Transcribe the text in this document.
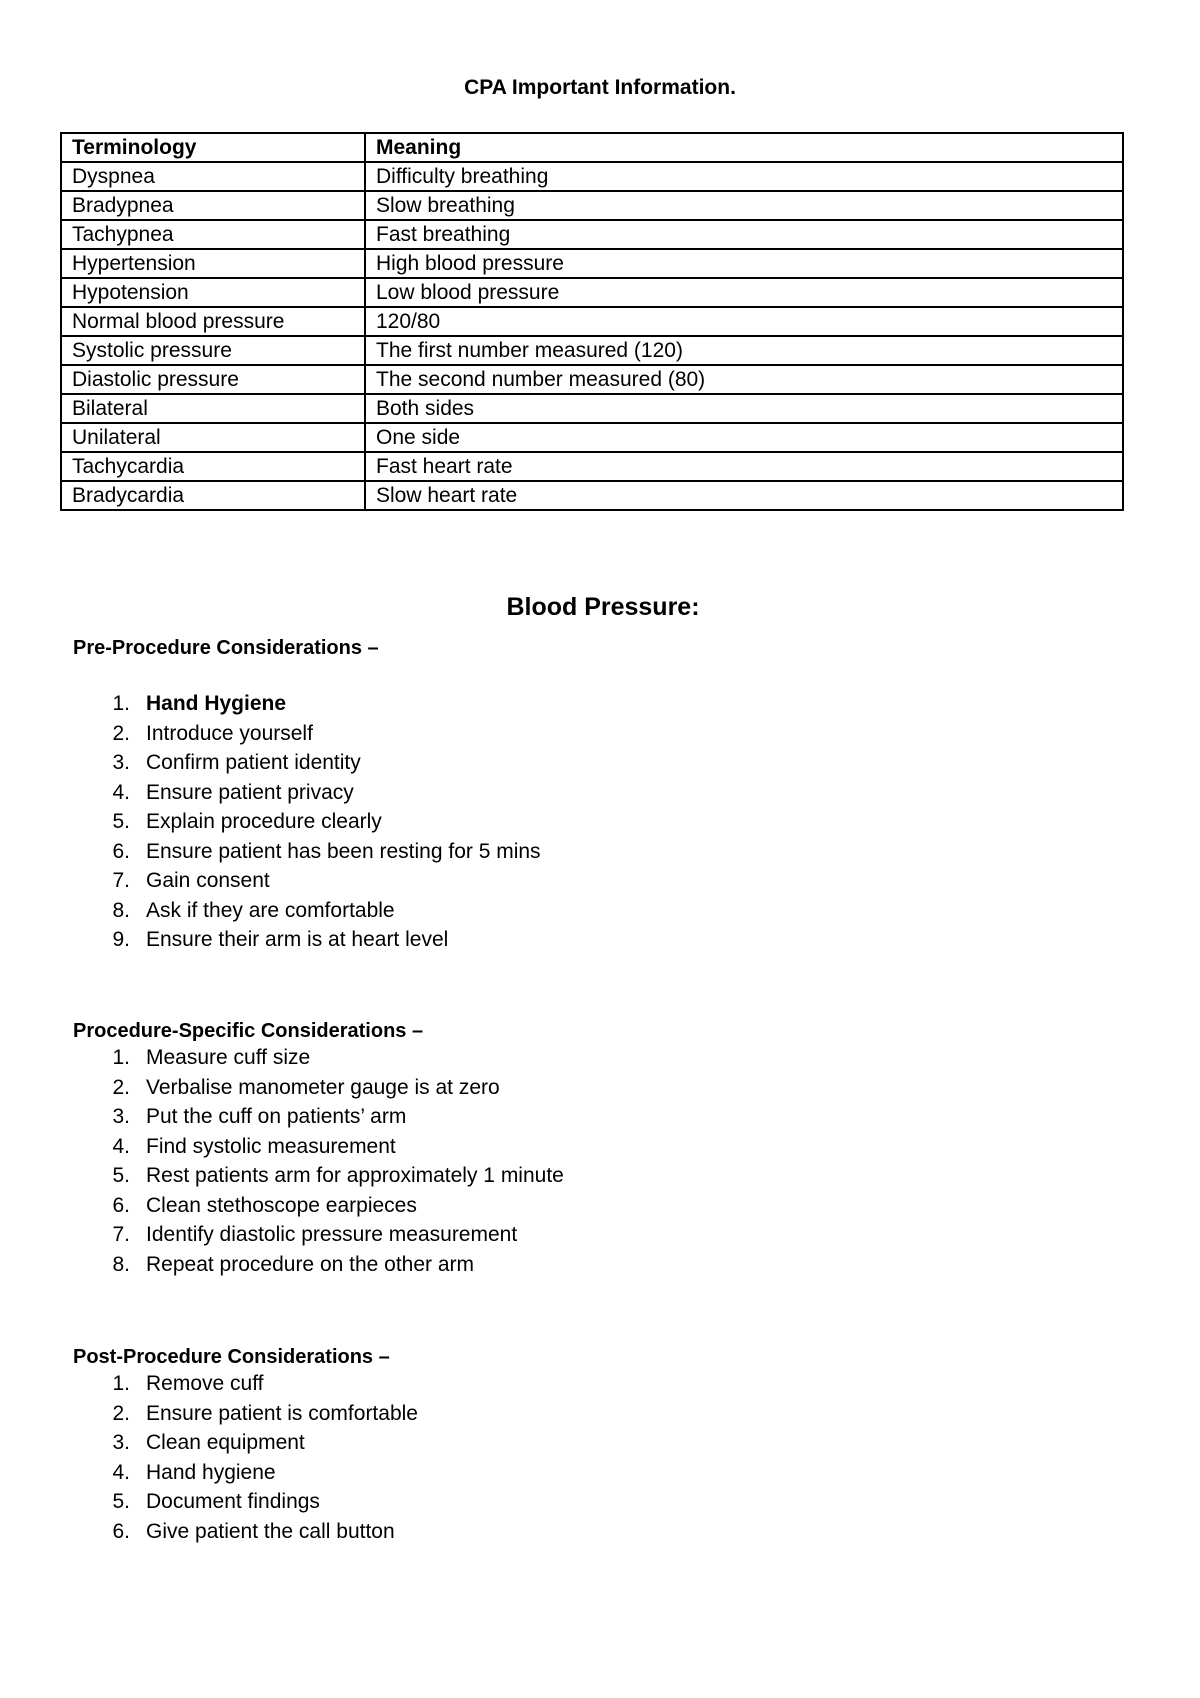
CPA Important Information.
Terminology	Meaning
Dyspnea	Difficulty breathing
Bradypnea	Slow breathing
Tachypnea	Fast breathing
Hypertension	High blood pressure
Hypotension	Low blood pressure
Normal blood pressure	120/80
Systolic pressure	The first number measured (120)
Diastolic pressure	The second number measured (80)
Bilateral	Both sides
Unilateral	One side
Tachycardia	Fast heart rate
Bradycardia	Slow heart rate
Blood Pressure:
Pre-Procedure Considerations –
1. Hand Hygiene
2. Introduce yourself
3. Confirm patient identity
4. Ensure patient privacy
5. Explain procedure clearly
6. Ensure patient has been resting for 5 mins
7. Gain consent
8. Ask if they are comfortable
9. Ensure their arm is at heart level
Procedure-Specific Considerations –
1. Measure cuff size
2. Verbalise manometer gauge is at zero
3. Put the cuff on patients’ arm
4. Find systolic measurement
5. Rest patients arm for approximately 1 minute
6. Clean stethoscope earpieces
7. Identify diastolic pressure measurement
8. Repeat procedure on the other arm
Post-Procedure Considerations –
1. Remove cuff
2. Ensure patient is comfortable
3. Clean equipment
4. Hand hygiene
5. Document findings
6. Give patient the call button
